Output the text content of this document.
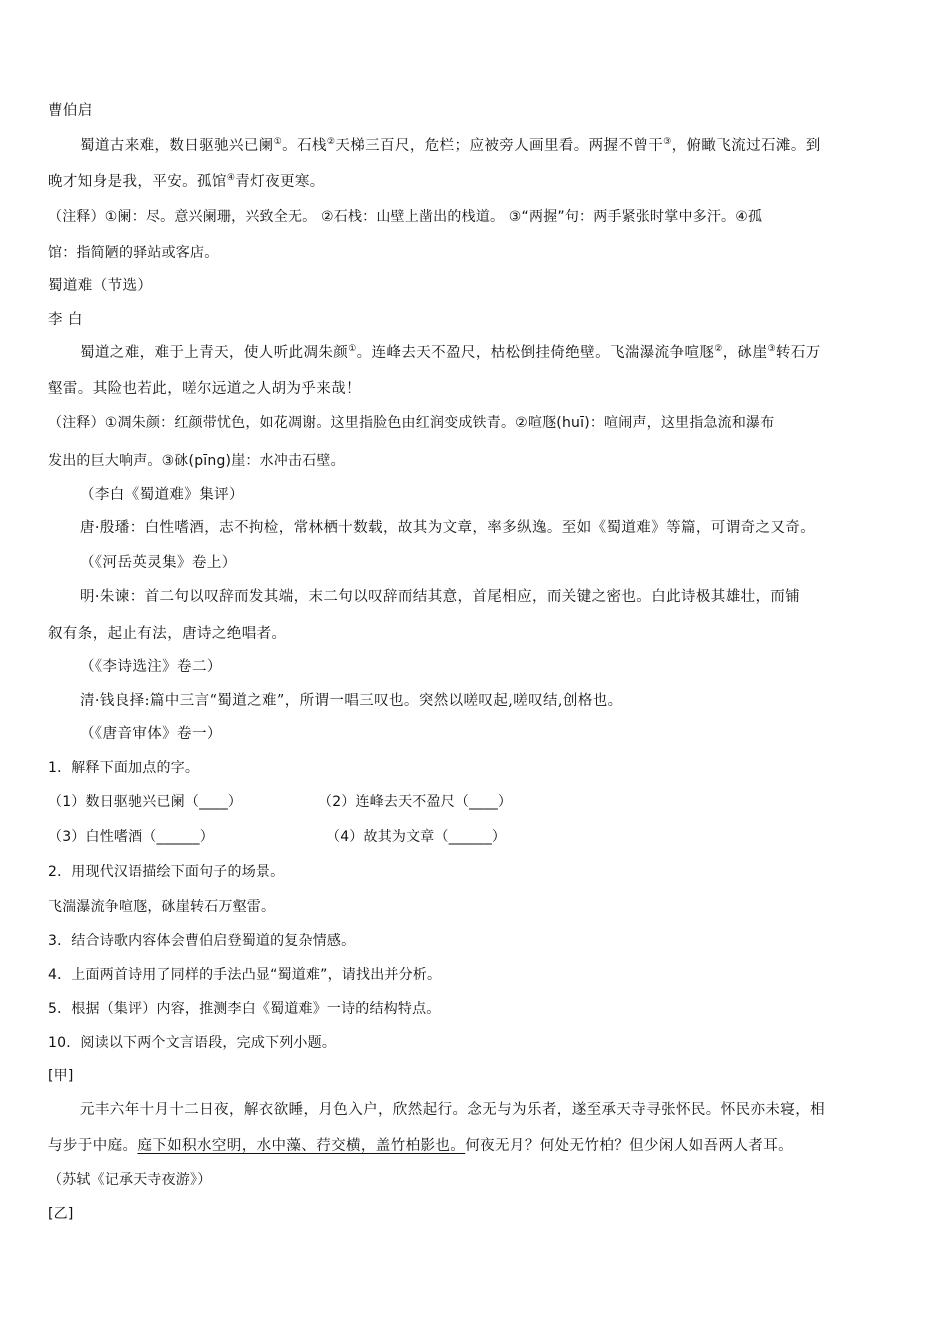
曹伯启
蜀道古来难，数日驱驰兴已阑①。石栈②天梯三百尺，危栏；应被旁人画里看。两握不曾干③，俯瞰飞流过石滩。到
晚才知身是我，平安。孤馆④青灯夜更寒。
（注释）①阑：尽。意兴阑珊，兴致全无。 ②石栈：山壁上凿出的栈道。 ③“两握”句：两手紧张时掌中多汗。④孤
馆：指简陋的驿站或客店。
蜀道难（节选）
李 白
蜀道之难，难于上青天，使人听此凋朱颜①。连峰去天不盈尺，枯松倒挂倚绝壁。飞湍瀑流争喧豗②，砯崖③转石万
壑雷。其险也若此，嗟尔远道之人胡为乎来哉！
（注释）①凋朱颜：红颜带忧色，如花凋谢。这里指脸色由红润变成铁青。②喧豗(huī)：喧闹声，这里指急流和瀑布
发出的巨大响声。③砯(pīng)崖：水冲击石壁。
（李白《蜀道难》集评）
唐·殷璠：白性嗜酒，志不拘检，常林栖十数载，故其为文章，率多纵逸。至如《蜀道难》等篇，可谓奇之又奇。
（《河岳英灵集》卷上）
明·朱谏：首二句以叹辞而发其端，末二句以叹辞而结其意，首尾相应，而关键之密也。白此诗极其雄壮，而铺
叙有条，起止有法，唐诗之绝唱者。
（《李诗选注》卷二）
清·钱良择:篇中三言“蜀道之难”，所谓一唱三叹也。突然以嗟叹起,嗟叹结,创格也。
（《唐音审体》卷一）
1．解释下面加点的字。
（1）数日驱驰兴已阑（____）	（2）连峰去天不盈尺（____）
（3）白性嗜酒（______）	（4）故其为文章（______）
2．用现代汉语描绘下面句子的场景。
飞湍瀑流争喧豗，砯崖转石万壑雷。
3．结合诗歌内容体会曹伯启登蜀道的复杂情感。
4．上面两首诗用了同样的手法凸显“蜀道难”，请找出并分析。
5．根据（集评）内容，推测李白《蜀道难》一诗的结构特点。
10．阅读以下两个文言语段，完成下列小题。
[甲]
元丰六年十月十二日夜，解衣欲睡，月色入户，欣然起行。念无与为乐者，遂至承天寺寻张怀民。怀民亦未寝，相
与步于中庭。庭下如积水空明，水中藻、荇交横，盖竹柏影也。何夜无月？何处无竹柏？但少闲人如吾两人者耳。
（苏轼《记承天寺夜游》）
[乙]
